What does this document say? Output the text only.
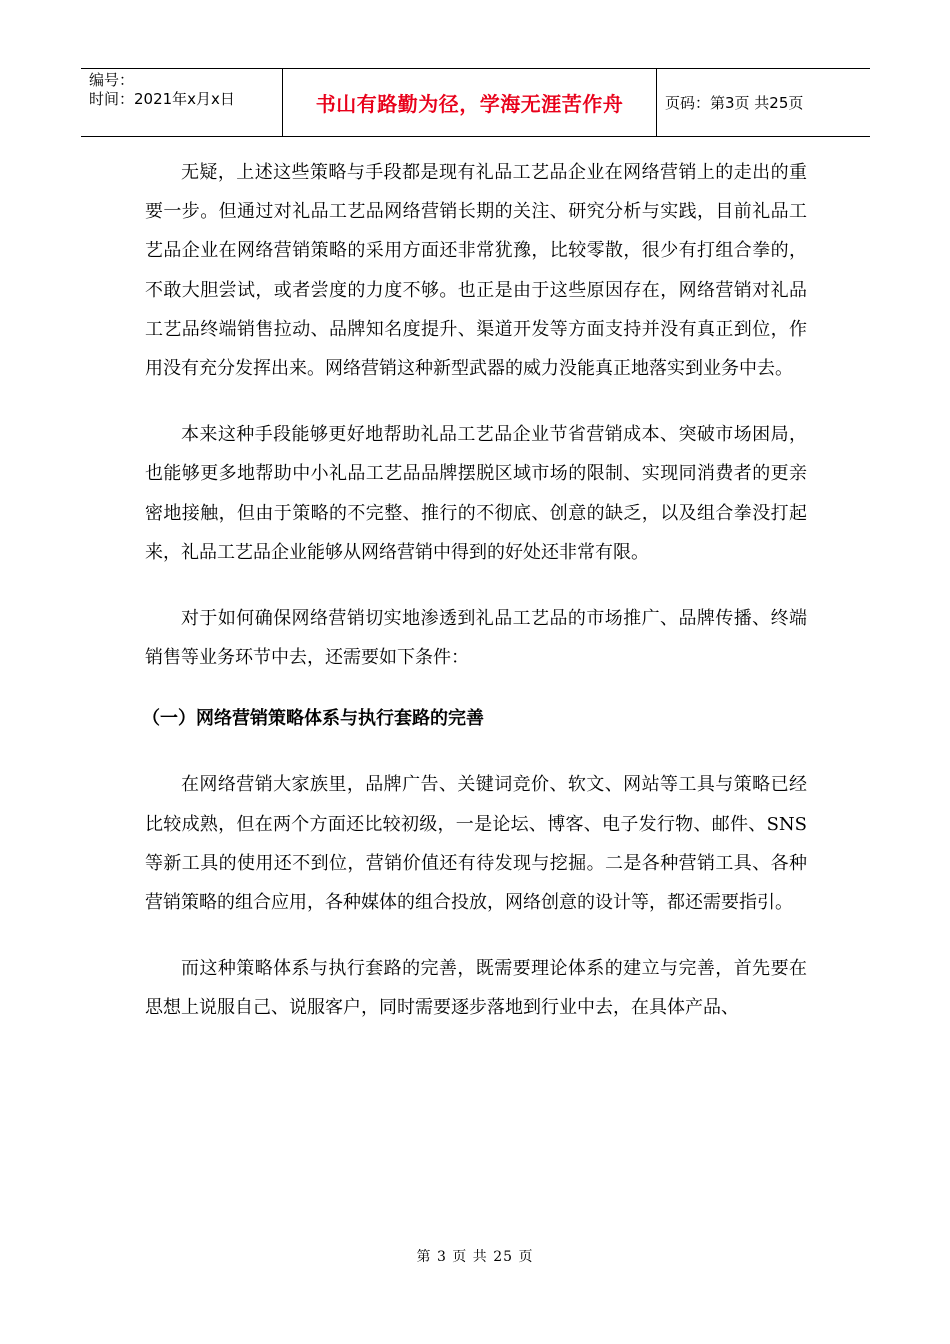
编号：
时间：2021年x月x日	书山有路勤为径，学海无涯苦作舟	页码：第3页 共25页

无疑，上述这些策略与手段都是现有礼品工艺品企业在网络营销上的走出的重要一步。但通过对礼品工艺品网络营销长期的关注、研究分析与实践，目前礼品工艺品企业在网络营销策略的采用方面还非常犹豫，比较零散，很少有打组合拳的，不敢大胆尝试，或者尝度的力度不够。也正是由于这些原因存在，网络营销对礼品工艺品终端销售拉动、品牌知名度提升、渠道开发等方面支持并没有真正到位，作用没有充分发挥出来。网络营销这种新型武器的威力没能真正地落实到业务中去。

本来这种手段能够更好地帮助礼品工艺品企业节省营销成本、突破市场困局，也能够更多地帮助中小礼品工艺品品牌摆脱区域市场的限制、实现同消费者的更亲密地接触，但由于策略的不完整、推行的不彻底、创意的缺乏，以及组合拳没打起来，礼品工艺品企业能够从网络营销中得到的好处还非常有限。

对于如何确保网络营销切实地渗透到礼品工艺品的市场推广、品牌传播、终端销售等业务环节中去，还需要如下条件：

（一）网络营销策略体系与执行套路的完善

在网络营销大家族里，品牌广告、关键词竞价、软文、网站等工具与策略已经比较成熟，但在两个方面还比较初级，一是论坛、博客、电子发行物、邮件、SNS等新工具的使用还不到位，营销价值还有待发现与挖掘。二是各种营销工具、各种营销策略的组合应用，各种媒体的组合投放，网络创意的设计等，都还需要指引。

而这种策略体系与执行套路的完善，既需要理论体系的建立与完善，首先要在思想上说服自己、说服客户，同时需要逐步落地到行业中去，在具体产品、

第 3 页 共 25 页
